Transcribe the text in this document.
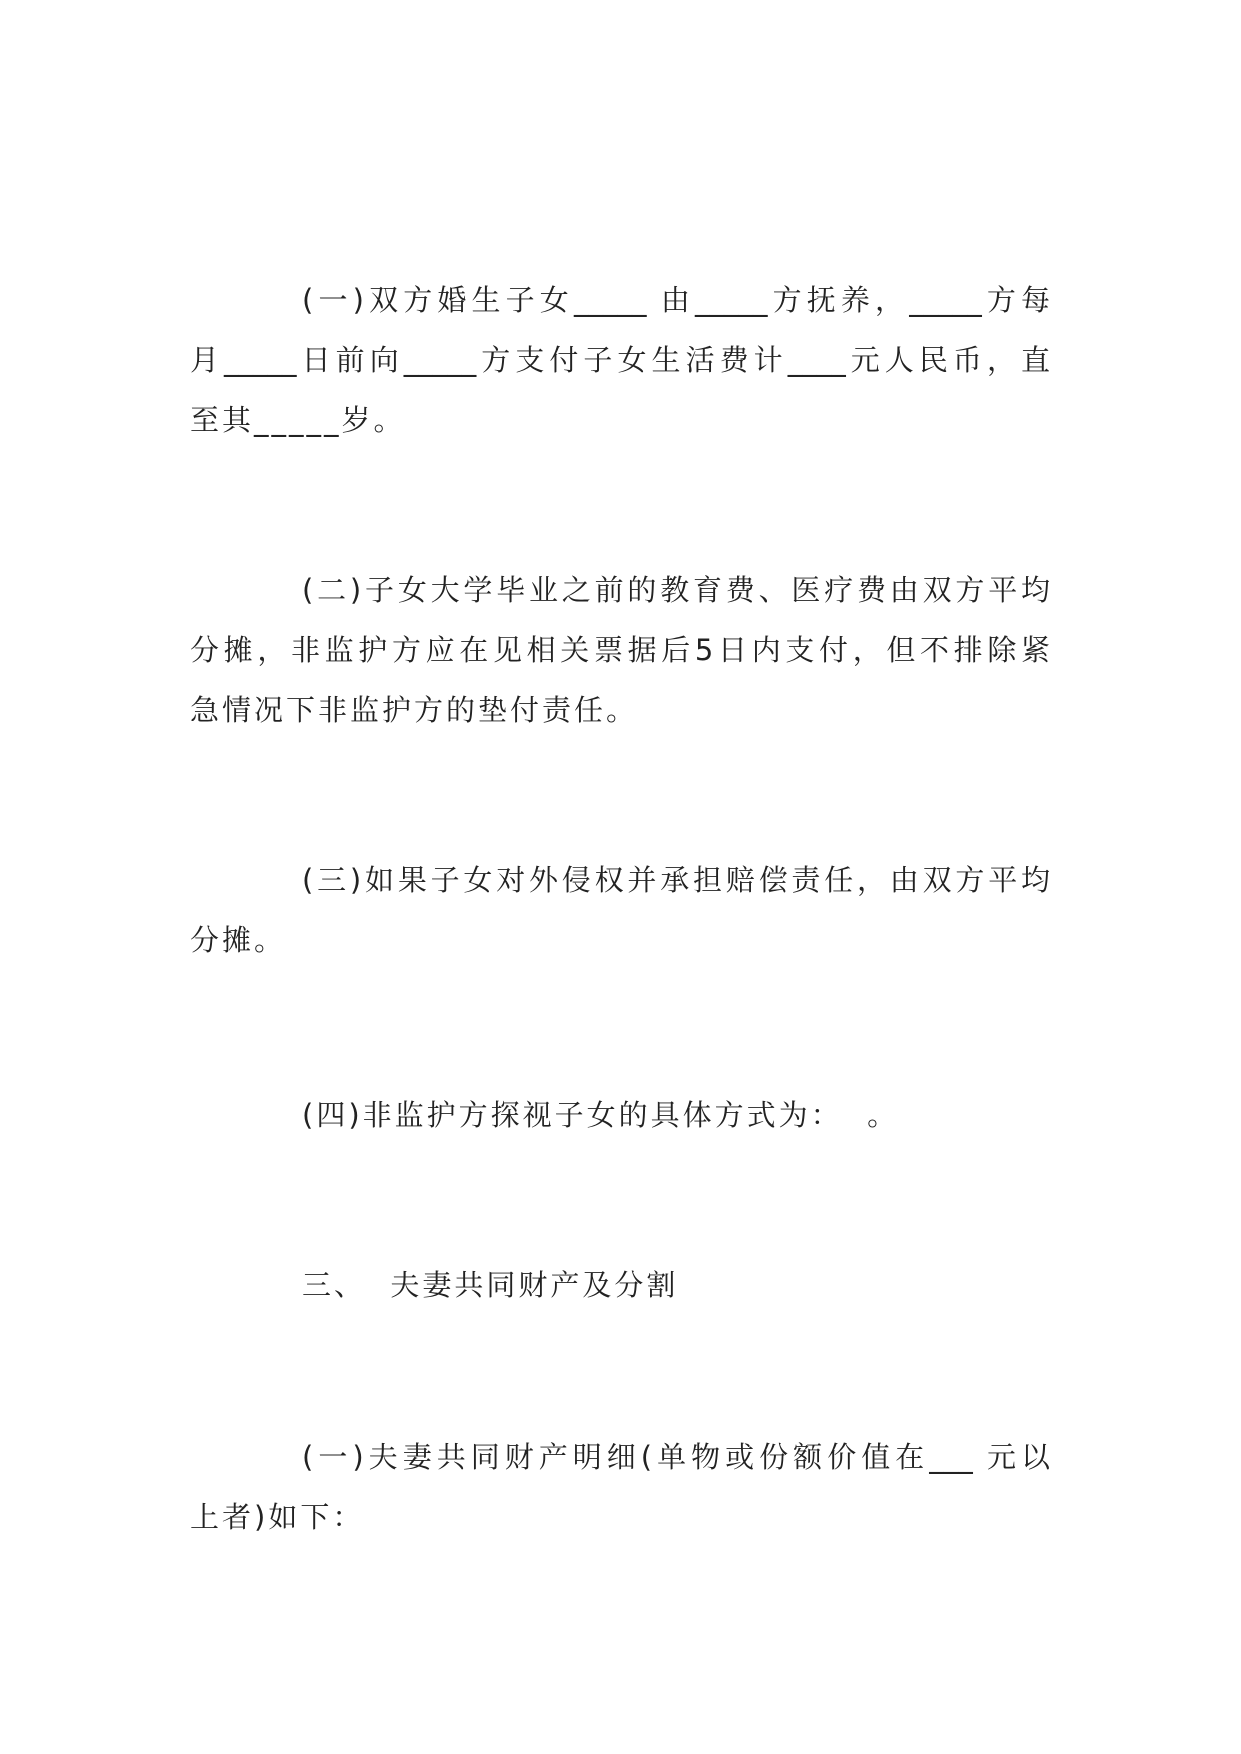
(一)双方婚生子女_____ 由_____方抚养，_____方每
月_____日前向_____方支付子女生活费计____元人民币，直
至其_____岁。
(二)子女大学毕业之前的教育费、医疗费由双方平均
分摊，非监护方应在见相关票据后5日内支付，但不排除紧
急情况下非监护方的垫付责任。
(三)如果子女对外侵权并承担赔偿责任，由双方平均
分摊。
(四)非监护方探视子女的具体方式为：  。
三、  夫妻共同财产及分割
(一)夫妻共同财产明细(单物或份额价值在___ 元以
上者)如下：
